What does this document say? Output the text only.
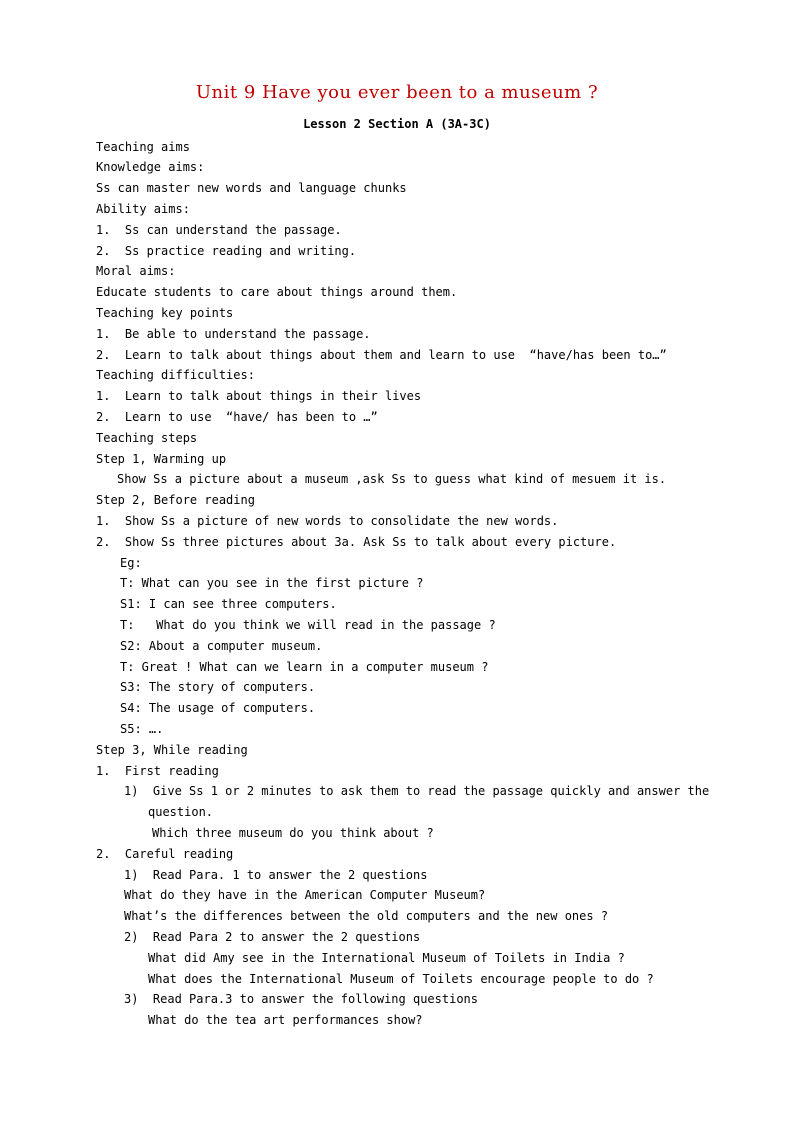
Unit 9 Have you ever been to a museum ?
Lesson 2 Section A (3A-3C)
Teaching aims
Knowledge aims:
Ss can master new words and language chunks
Ability aims:
1.  Ss can understand the passage.
2.  Ss practice reading and writing.
Moral aims:
Educate students to care about things around them.
Teaching key points
1.  Be able to understand the passage.
2.  Learn to talk about things about them and learn to use  “have/has been to…”
Teaching difficulties:
1.  Learn to talk about things in their lives
2.  Learn to use  “have/ has been to …”
Teaching steps
Step 1, Warming up
Show Ss a picture about a museum ,ask Ss to guess what kind of mesuem it is.
Step 2, Before reading
1.  Show Ss a picture of new words to consolidate the new words.
2.  Show Ss three pictures about 3a. Ask Ss to talk about every picture.
Eg:
T: What can you see in the first picture ?
S1: I can see three computers.
T:   What do you think we will read in the passage ?
S2: About a computer museum.
T: Great ! What can we learn in a computer museum ?
S3: The story of computers.
S4: The usage of computers.
S5: ….
Step 3, While reading
1.  First reading
1)  Give Ss 1 or 2 minutes to ask them to read the passage quickly and answer the
question.
Which three museum do you think about ?
2.  Careful reading
1)  Read Para. 1 to answer the 2 questions
What do they have in the American Computer Museum?
What’s the differences between the old computers and the new ones ?
2)  Read Para 2 to answer the 2 questions
What did Amy see in the International Museum of Toilets in India ?
What does the International Museum of Toilets encourage people to do ?
3)  Read Para.3 to answer the following questions
What do the tea art performances show?
